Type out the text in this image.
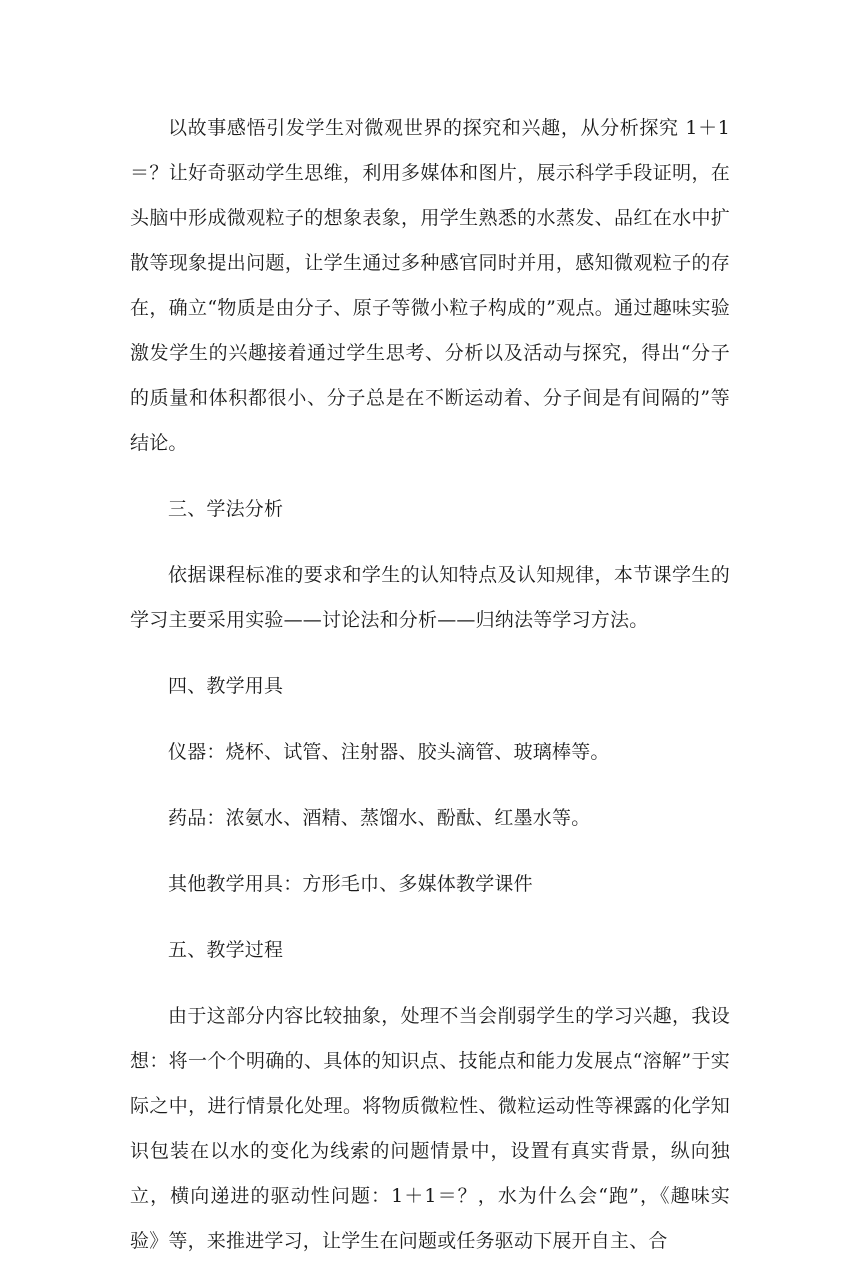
以故事感悟引发学生对微观世界的探究和兴趣，从分析探究 1＋1＝？让好奇驱动学生思维，利用多媒体和图片，展示科学手段证明，在头脑中形成微观粒子的想象表象，用学生熟悉的水蒸发、品红在水中扩散等现象提出问题，让学生通过多种感官同时并用，感知微观粒子的存在，确立“物质是由分子、原子等微小粒子构成的”观点。通过趣味实验激发学生的兴趣接着通过学生思考、分析以及活动与探究，得出“分子的质量和体积都很小、分子总是在不断运动着、分子间是有间隔的”等结论。

三、学法分析

依据课程标准的要求和学生的认知特点及认知规律，本节课学生的学习主要采用实验——讨论法和分析——归纳法等学习方法。

四、教学用具

仪器：烧杯、试管、注射器、胶头滴管、玻璃棒等。

药品：浓氨水、酒精、蒸馏水、酚酞、红墨水等。

其他教学用具：方形毛巾、多媒体教学课件

五、教学过程

由于这部分内容比较抽象，处理不当会削弱学生的学习兴趣，我设想：将一个个明确的、具体的知识点、技能点和能力发展点“溶解”于实际之中，进行情景化处理。将物质微粒性、微粒运动性等裸露的化学知识包装在以水的变化为线索的问题情景中，设置有真实背景，纵向独立，横向递进的驱动性问题：1＋1＝？，水为什么会“跑”，《趣味实验》等，来推进学习，让学生在问题或任务驱动下展开自主、合
